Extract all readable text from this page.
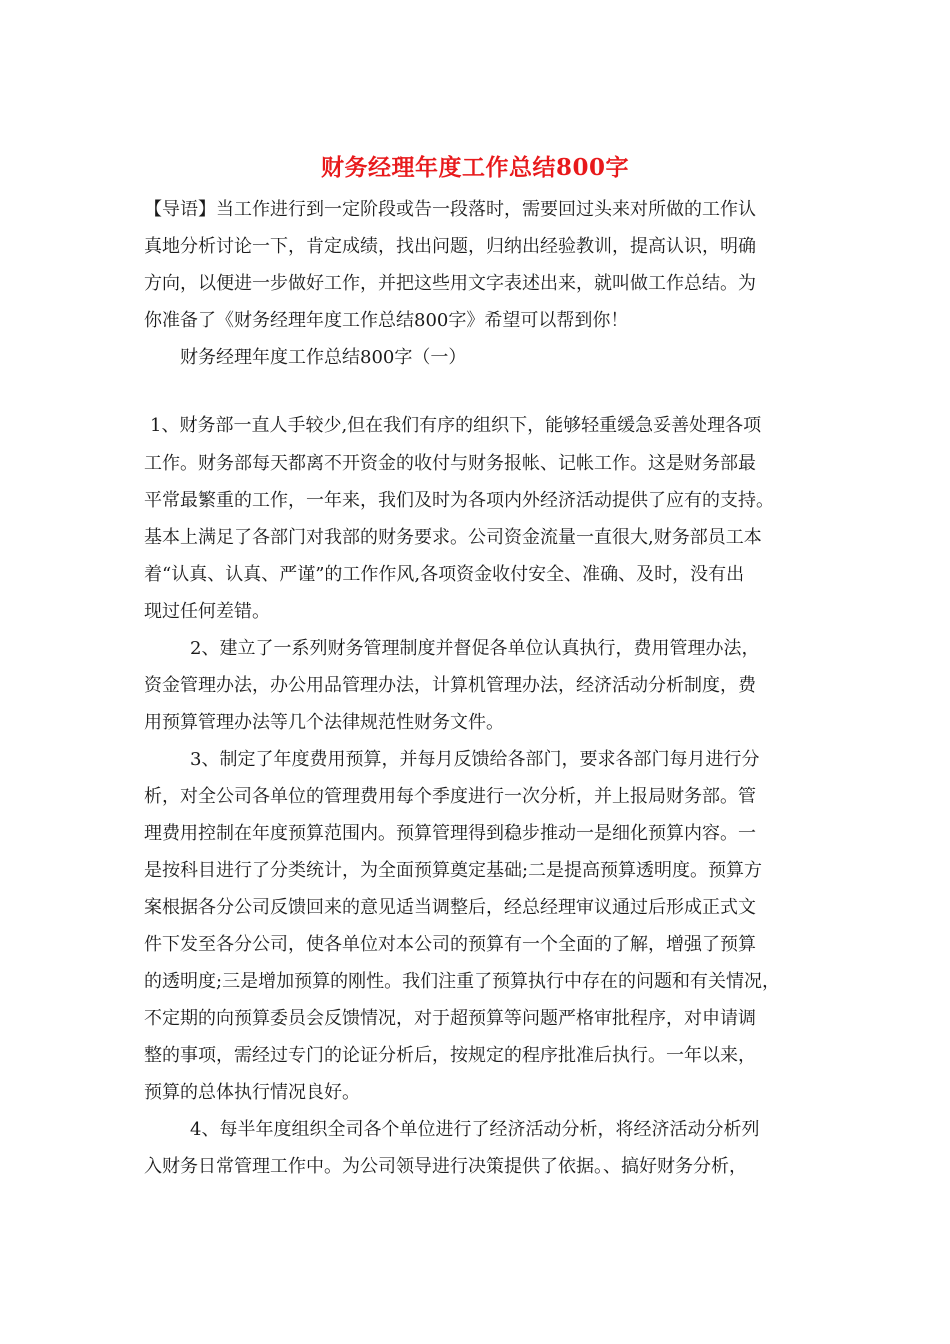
财务经理年度工作总结800字
【导语】当工作进行到一定阶段或告一段落时，需要回过头来对所做的工作认
真地分析讨论一下，肯定成绩，找出问题，归纳出经验教训，提高认识，明确
方向，以便进一步做好工作，并把这些用文字表述出来，就叫做工作总结。为
你准备了《财务经理年度工作总结800字》希望可以帮到你！
财务经理年度工作总结800字（一）
1、财务部一直人手较少,但在我们有序的组织下，能够轻重缓急妥善处理各项
工作。财务部每天都离不开资金的收付与财务报帐、记帐工作。这是财务部最
平常最繁重的工作，一年来，我们及时为各项内外经济活动提供了应有的支持。
基本上满足了各部门对我部的财务要求。公司资金流量一直很大,财务部员工本
着“认真、认真、严谨”的工作作风,各项资金收付安全、准确、及时，没有出
现过任何差错。
2、建立了一系列财务管理制度并督促各单位认真执行，费用管理办法，
资金管理办法，办公用品管理办法，计算机管理办法，经济活动分析制度，费
用预算管理办法等几个法律规范性财务文件。
3、制定了年度费用预算，并每月反馈给各部门，要求各部门每月进行分
析，对全公司各单位的管理费用每个季度进行一次分析，并上报局财务部。管
理费用控制在年度预算范围内。预算管理得到稳步推动一是细化预算内容。一
是按科目进行了分类统计，为全面预算奠定基础;二是提高预算透明度。预算方
案根据各分公司反馈回来的意见适当调整后，经总经理审议通过后形成正式文
件下发至各分公司，使各单位对本公司的预算有一个全面的了解，增强了预算
的透明度;三是增加预算的刚性。我们注重了预算执行中存在的问题和有关情况，
不定期的向预算委员会反馈情况，对于超预算等问题严格审批程序，对申请调
整的事项，需经过专门的论证分析后，按规定的程序批准后执行。一年以来，
预算的总体执行情况良好。
4、每半年度组织全司各个单位进行了经济活动分析，将经济活动分析列
入财务日常管理工作中。为公司领导进行决策提供了依据。、搞好财务分析，
